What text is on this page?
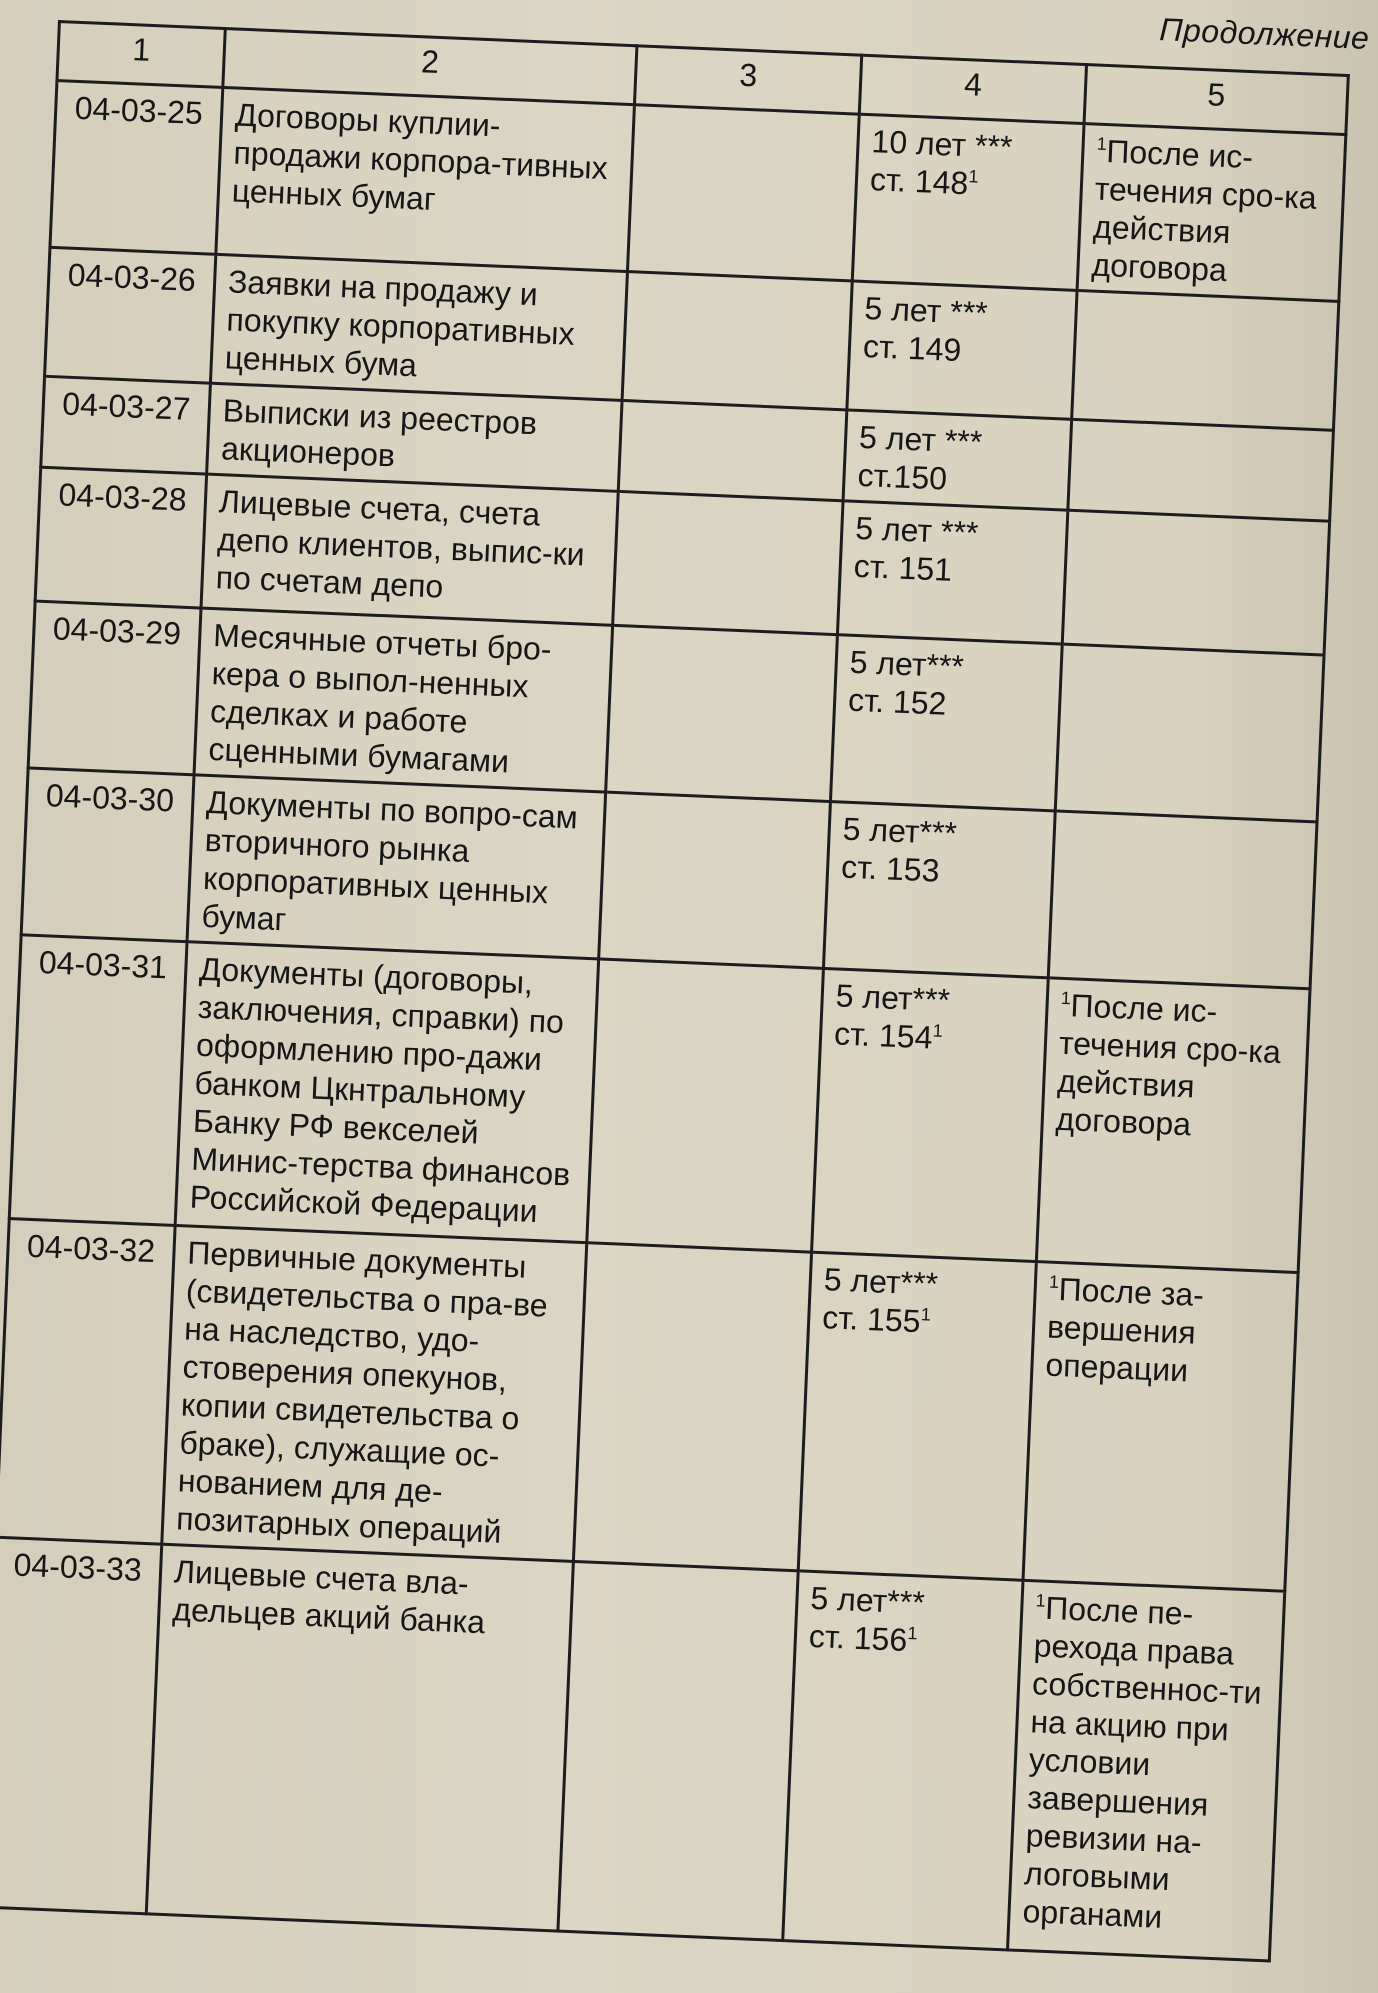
Продолжение
1	2	3	4	5
04-03-25	Договоры куплии-продажи корпора-тивных ценных бумаг		10 лет ***
ст. $148^1$	$^1$После ис-течения сро-ка действия договора

04-03-26	Заявки на продажу и покупку корпоративных ценных бума		5 лет ***
ст. 149	

04-03-27	Выписки из реестров акционеров		5 лет ***
ст.150	

04-03-28	Лицевые счета, счета депо клиентов, выпис-ки по счетам депо		5 лет ***
ст. 151	

04-03-29	Месячные отчеты бро-кера о выпол-ненных сделках и работе сценными бумагами		5 лет***
ст. 152	

04-03-30	Документы по вопро-сам вторичного рынка корпоративных ценных бумаг		5 лет***
ст. 153	

04-03-31	Документы (договоры, заключения, справки) по оформлению про-дажи банком Цкнтральному Банку РФ векселей Минис-терства финансов Российской Федерации		5 лет***
ст. $154^1$	$^1$После ис-течения сро-ка действия договора

04-03-32	Первичные документы (свидетельства о пра-ве на наследство, удо-стоверения опекунов, копии свидетельства о браке), служащие ос-нованием для де-позитарных операций		5 лет***
ст. $155^1$	$^1$После за-вершения операции

04-03-33	Лицевые счета вла-дельцев акций банка		5 лет***
ст. $156^1$	$^1$После пе-рехода права собственнос-ти на акцию при условии завершения ревизии на-логовыми органами
